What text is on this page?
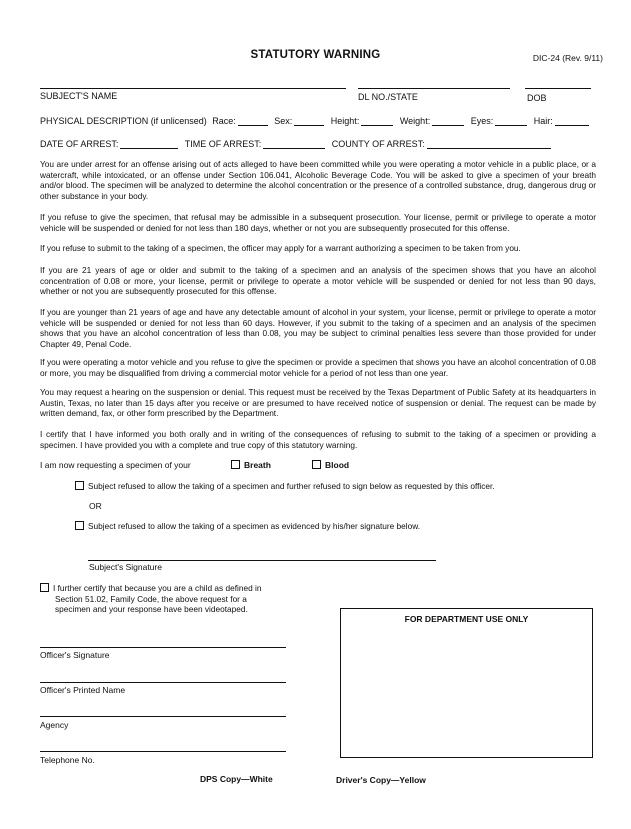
STATUTORY WARNING	DIC-24 (Rev. 9/11)
SUBJECT'S NAME	DL NO./STATE	DOB
PHYSICAL DESCRIPTION (if unlicensed) Race:	Sex:	Height:	Weight:	Eyes:	Hair:
DATE OF ARREST:	TIME OF ARREST:	COUNTY OF ARREST:
You are under arrest for an offense arising out of acts alleged to have been committed while you were operating a motor vehicle in a public place, or a watercraft, while intoxicated, or an offense under Section 106.041, Alcoholic Beverage Code. You will be asked to give a specimen of your breath and/or blood. The specimen will be analyzed to determine the alcohol concentration or the presence of a controlled substance, drug, dangerous drug or other substance in your body.
If you refuse to give the specimen, that refusal may be admissible in a subsequent prosecution. Your license, permit or privilege to operate a motor vehicle will be suspended or denied for not less than 180 days, whether or not you are subsequently prosecuted for this offense.
If you refuse to submit to the taking of a specimen, the officer may apply for a warrant authorizing a specimen to be taken from you.
If you are 21 years of age or older and submit to the taking of a specimen and an analysis of the specimen shows that you have an alcohol concentration of 0.08 or more, your license, permit or privilege to operate a motor vehicle will be suspended or denied for not less than 90 days, whether or not you are subsequently prosecuted for this offense.
If you are younger than 21 years of age and have any detectable amount of alcohol in your system, your license, permit or privilege to operate a motor vehicle will be suspended or denied for not less than 60 days. However, if you submit to the taking of a specimen and an analysis of the specimen shows that you have an alcohol concentration of less than 0.08, you may be subject to criminal penalties less severe than those provided for under Chapter 49, Penal Code.
If you were operating a motor vehicle and you refuse to give the specimen or provide a specimen that shows you have an alcohol concentration of 0.08 or more, you may be disqualified from driving a commercial motor vehicle for a period of not less than one year.
You may request a hearing on the suspension or denial. This request must be received by the Texas Department of Public Safety at its headquarters in Austin, Texas, no later than 15 days after you receive or are presumed to have received notice of suspension or denial. The request can be made by written demand, fax, or other form prescribed by the Department.
I certify that I have informed you both orally and in writing of the consequences of refusing to submit to the taking of a specimen or providing a specimen. I have provided you with a complete and true copy of this statutory warning.
I am now requesting a specimen of your	Breath	Blood
Subject refused to allow the taking of a specimen and further refused to sign below as requested by this officer.
OR
Subject refused to allow the taking of a specimen as evidenced by his/her signature below.
Subject's Signature
I further certify that because you are a child as defined in
Section 51.02, Family Code, the above request for a
specimen and your response have been videotaped.
Officer's Signature
Officer's Printed Name
Agency
Telephone No.
FOR DEPARTMENT USE ONLY
DPS Copy—White	Driver's Copy—Yellow
